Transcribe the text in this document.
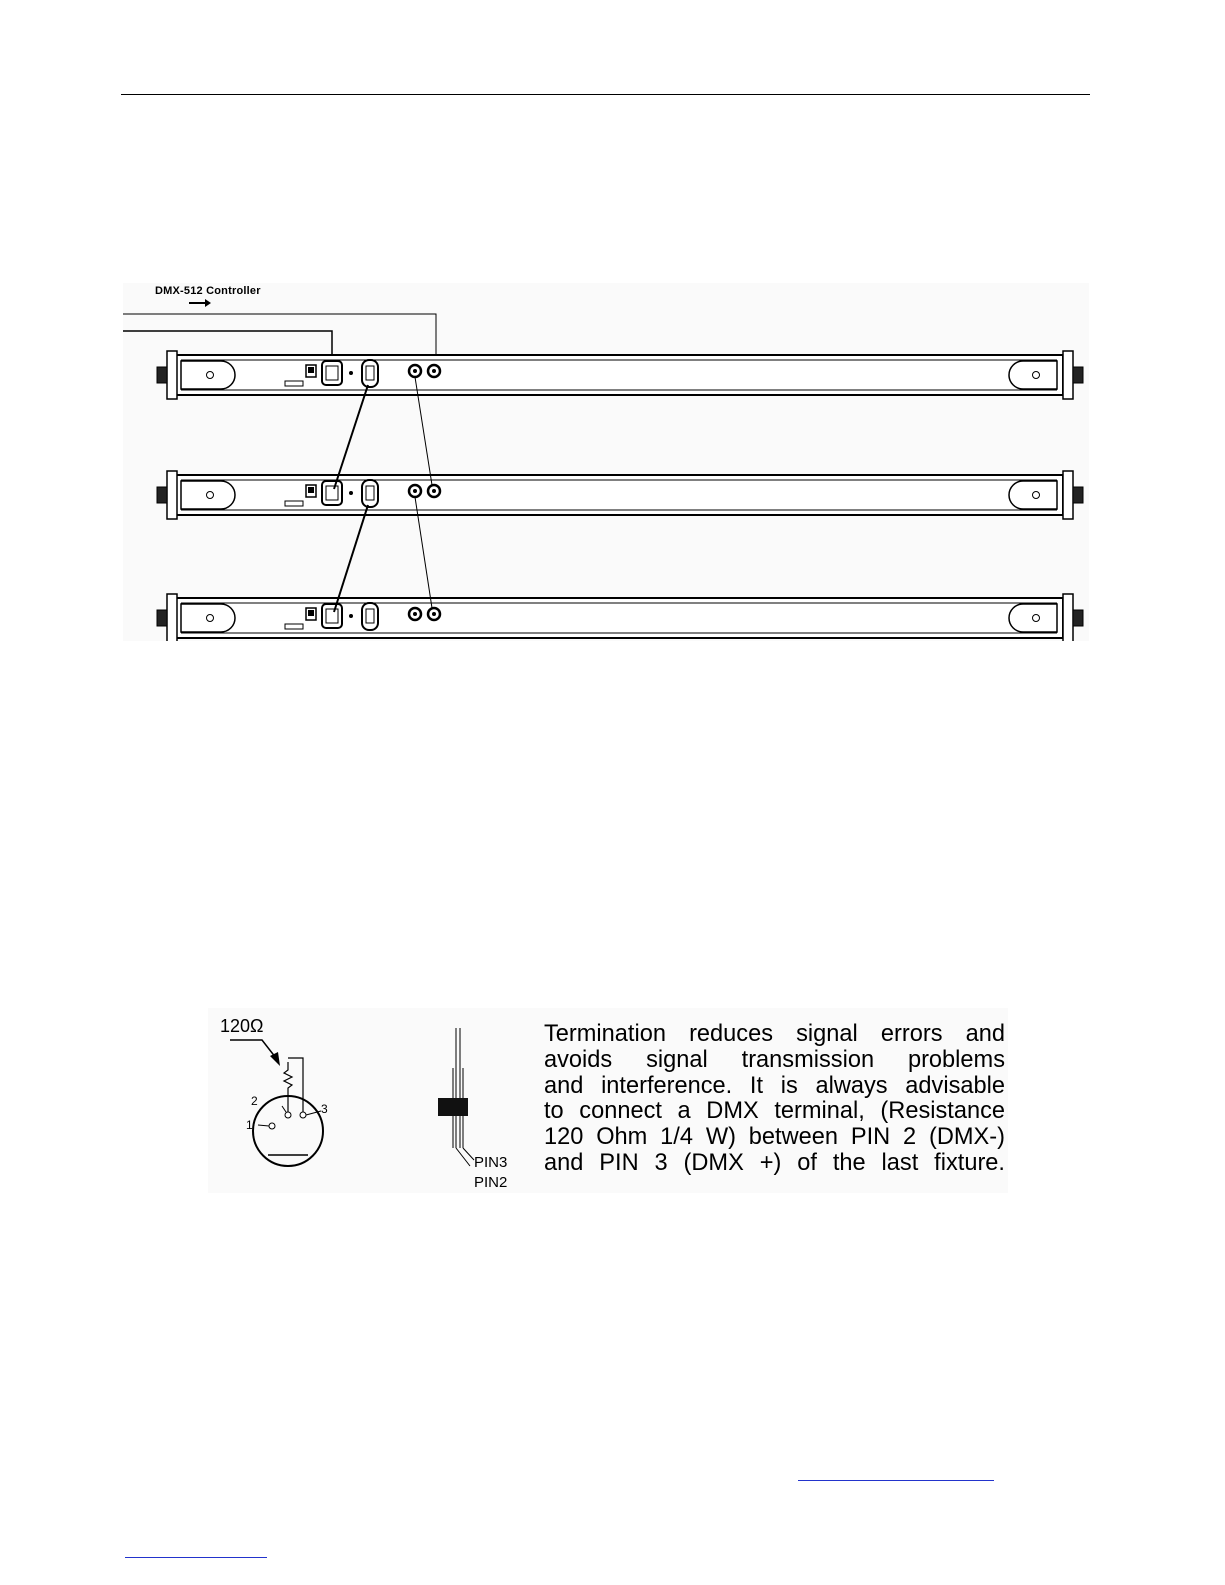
DMX-512 Controller
120Ω
1
2
3
PIN3
PIN2
Termination reduces signal errors and
avoids signal transmission problems
and interference. It is always advisable
to connect a DMX terminal, (Resistance
120 Ohm 1/4 W) between PIN 2 (DMX-)
and PIN 3 (DMX +) of the last fixture.
